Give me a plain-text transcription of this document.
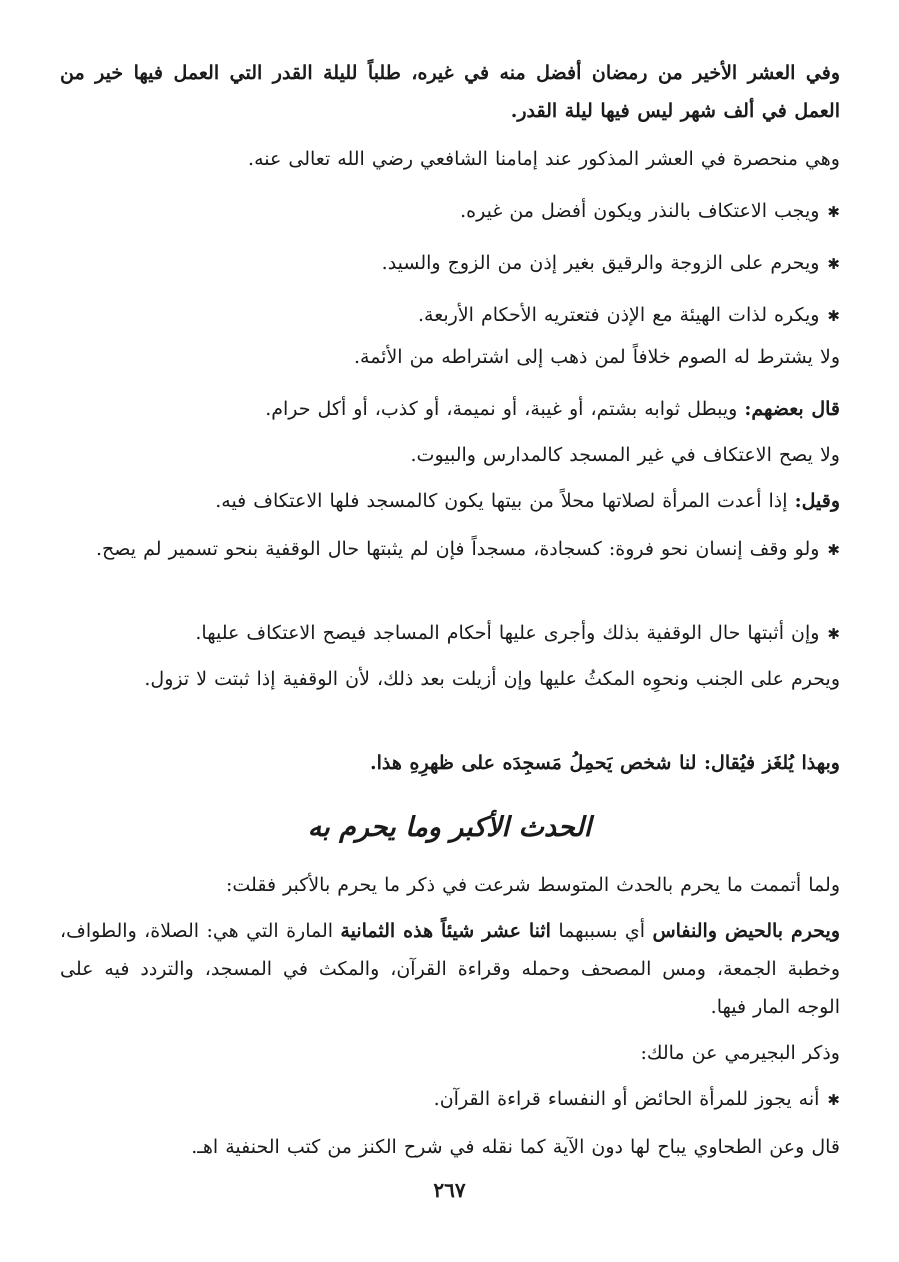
وفي العشر الأخير من رمضان أفضل منه في غيره، طلباً لليلة القدر التي العمل فيها خير من العمل في ألف شهر ليس فيها ليلة القدر.
وهي منحصرة في العشر المذكور عند إمامنا الشافعي رضي الله تعالى عنه.
✱ويجب الاعتكاف بالنذر ويكون أفضل من غيره.
✱ويحرم على الزوجة والرقيق بغير إذن من الزوج والسيد.
✱ويكره لذات الهيئة مع الإذن فتعتريه الأحكام الأربعة.
ولا يشترط له الصوم خلافاً لمن ذهب إلى اشتراطه من الأئمة.
قال بعضهم: ويبطل ثوابه بشتم، أو غيبة، أو نميمة، أو كذب، أو أكل حرام.
ولا يصح الاعتكاف في غير المسجد كالمدارس والبيوت.
وقيل: إذا أعدت المرأة لصلاتها محلاً من بيتها يكون كالمسجد فلها الاعتكاف فيه.
✱ولو وقف إنسان نحو فروة: كسجادة، مسجداً فإن لم يثبتها حال الوقفية بنحو تسمير لم يصح.
✱وإن أثبتها حال الوقفية بذلك وأجرى عليها أحكام المساجد فيصح الاعتكاف عليها.
ويحرم على الجنب ونحوِه المكثُ عليها وإن أزيلت بعد ذلك، لأن الوقفية إذا ثبتت لا تزول.
وبهذا يُلغَز فيُقال: لنا شخص يَحمِلُ مَسجِدَه على ظهرِهِ هذا.
الحدث الأكبر وما يحرم به
ولما أتممت ما يحرم بالحدث المتوسط شرعت في ذكر ما يحرم بالأكبر فقلت:
ويحرم بالحيض والنفاس أي بسببهما اثنا عشر شيئاً هذه الثمانية المارة التي هي: الصلاة، والطواف، وخطبة الجمعة، ومس المصحف وحمله وقراءة القرآن، والمكث في المسجد، والتردد فيه على الوجه المار فيها.
وذكر البجيرمي عن مالك:
✱أنه يجوز للمرأة الحائض أو النفساء قراءة القرآن.
قال وعن الطحاوي يباح لها دون الآية كما نقله في شرح الكنز من كتب الحنفية اهـ.
٢٦٧
